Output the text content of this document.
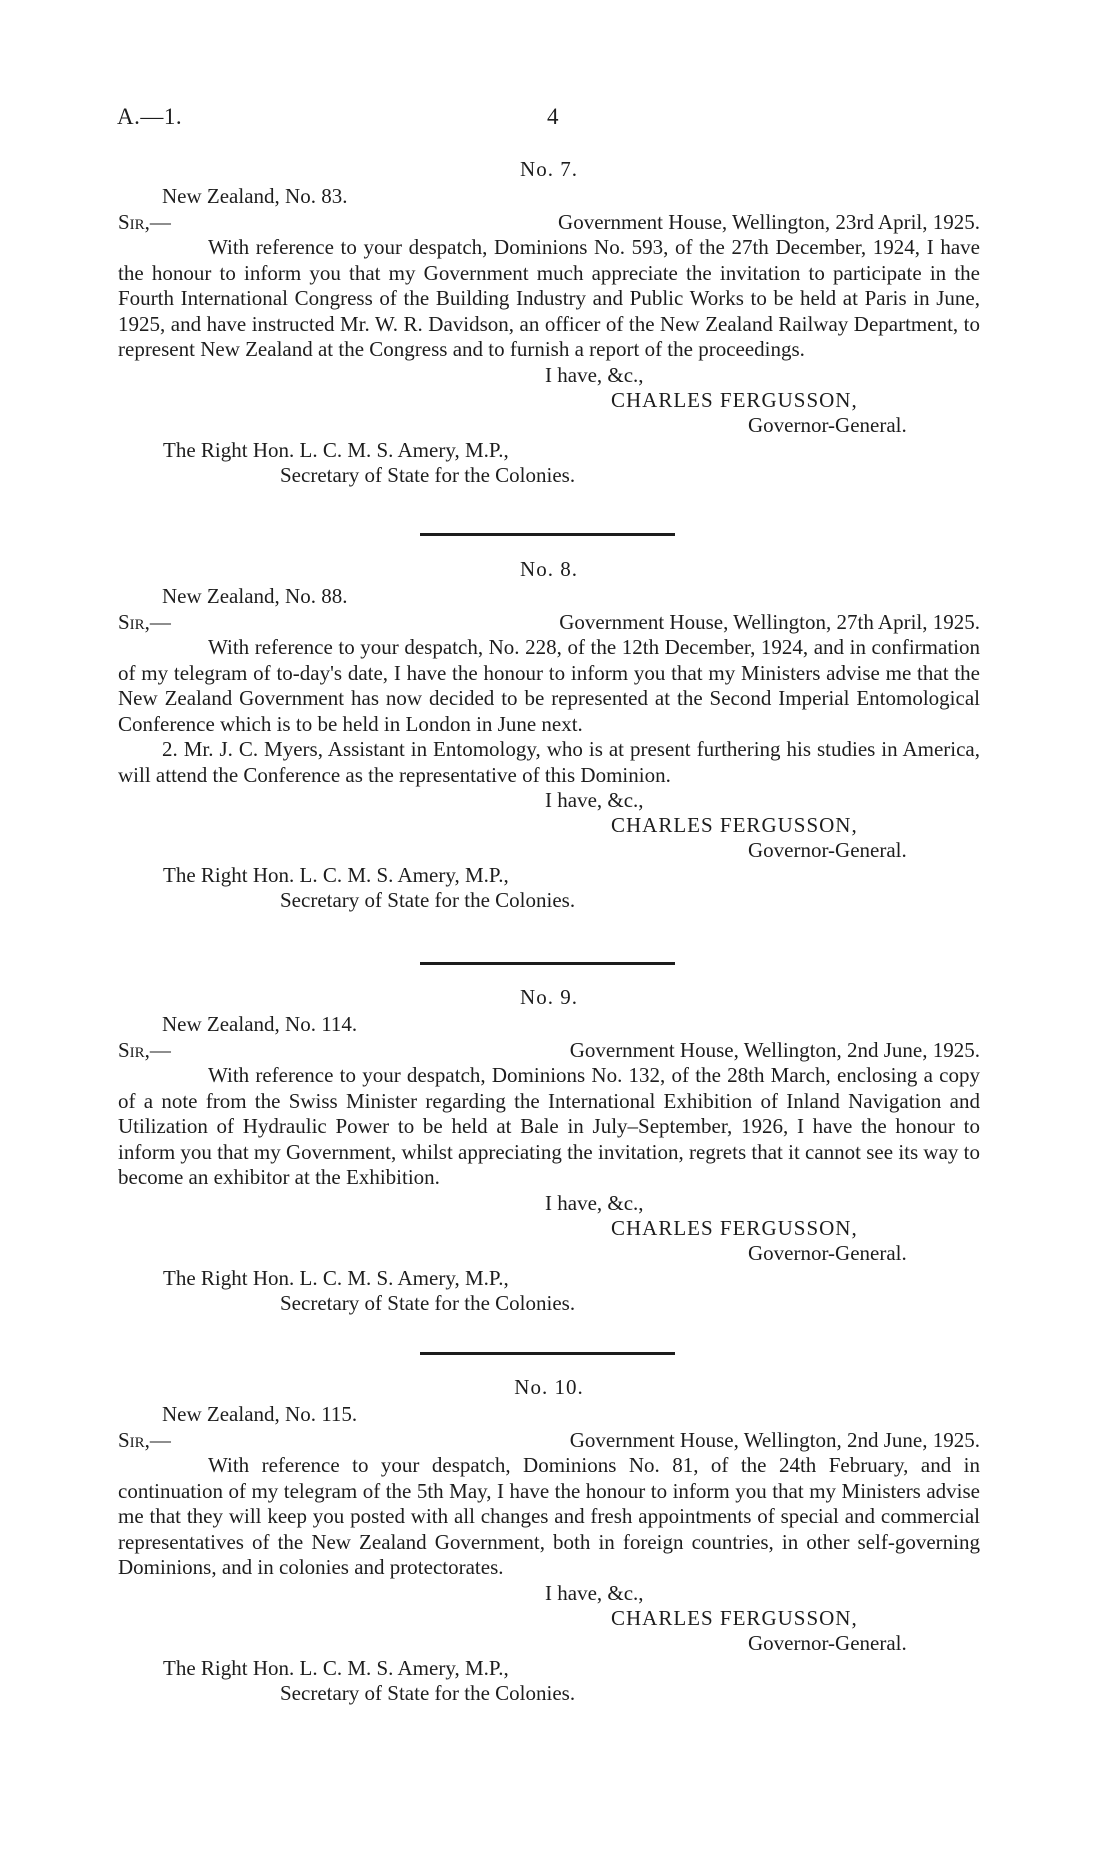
A.—1.	4
No. 7.
New Zealand, No. 83.
Sir,—	Government House, Wellington, 23rd April, 1925.

With reference to your despatch, Dominions No. 593, of the 27th December, 1924, I have the honour to inform you that my Government much appreciate the invitation to participate in the Fourth International Congress of the Building Industry and Public Works to be held at Paris in June, 1925, and have instructed Mr. W. R. Davidson, an officer of the New Zealand Railway Department, to represent New Zealand at the Congress and to furnish a report of the proceedings.

I have, &c.,
CHARLES FERGUSSON,
Governor-General.
The Right Hon. L. C. M. S. Amery, M.P.,
Secretary of State for the Colonies.
No. 8.
New Zealand, No. 88.
Sir,—	Government House, Wellington, 27th April, 1925.

With reference to your despatch, No. 228, of the 12th December, 1924, and in confirmation of my telegram of to-day's date, I have the honour to inform you that my Ministers advise me that the New Zealand Government has now decided to be represented at the Second Imperial Entomological Conference which is to be held in London in June next.

2. Mr. J. C. Myers, Assistant in Entomology, who is at present furthering his studies in America, will attend the Conference as the representative of this Dominion.

I have, &c.,
CHARLES FERGUSSON,
Governor-General.
The Right Hon. L. C. M. S. Amery, M.P.,
Secretary of State for the Colonies.
No. 9.
New Zealand, No. 114.
Sir,—	Government House, Wellington, 2nd June, 1925.

With reference to your despatch, Dominions No. 132, of the 28th March, enclosing a copy of a note from the Swiss Minister regarding the International Exhibition of Inland Navigation and Utilization of Hydraulic Power to be held at Bale in July–September, 1926, I have the honour to inform you that my Government, whilst appreciating the invitation, regrets that it cannot see its way to become an exhibitor at the Exhibition.

I have, &c.,
CHARLES FERGUSSON,
Governor-General.
The Right Hon. L. C. M. S. Amery, M.P.,
Secretary of State for the Colonies.
No. 10.
New Zealand, No. 115.
Sir,—	Government House, Wellington, 2nd June, 1925.

With reference to your despatch, Dominions No. 81, of the 24th February, and in continuation of my telegram of the 5th May, I have the honour to inform you that my Ministers advise me that they will keep you posted with all changes and fresh appointments of special and commercial representatives of the New Zealand Government, both in foreign countries, in other self-governing Dominions, and in colonies and protectorates.

I have, &c.,
CHARLES FERGUSSON,
Governor-General.
The Right Hon. L. C. M. S. Amery, M.P.,
Secretary of State for the Colonies.
